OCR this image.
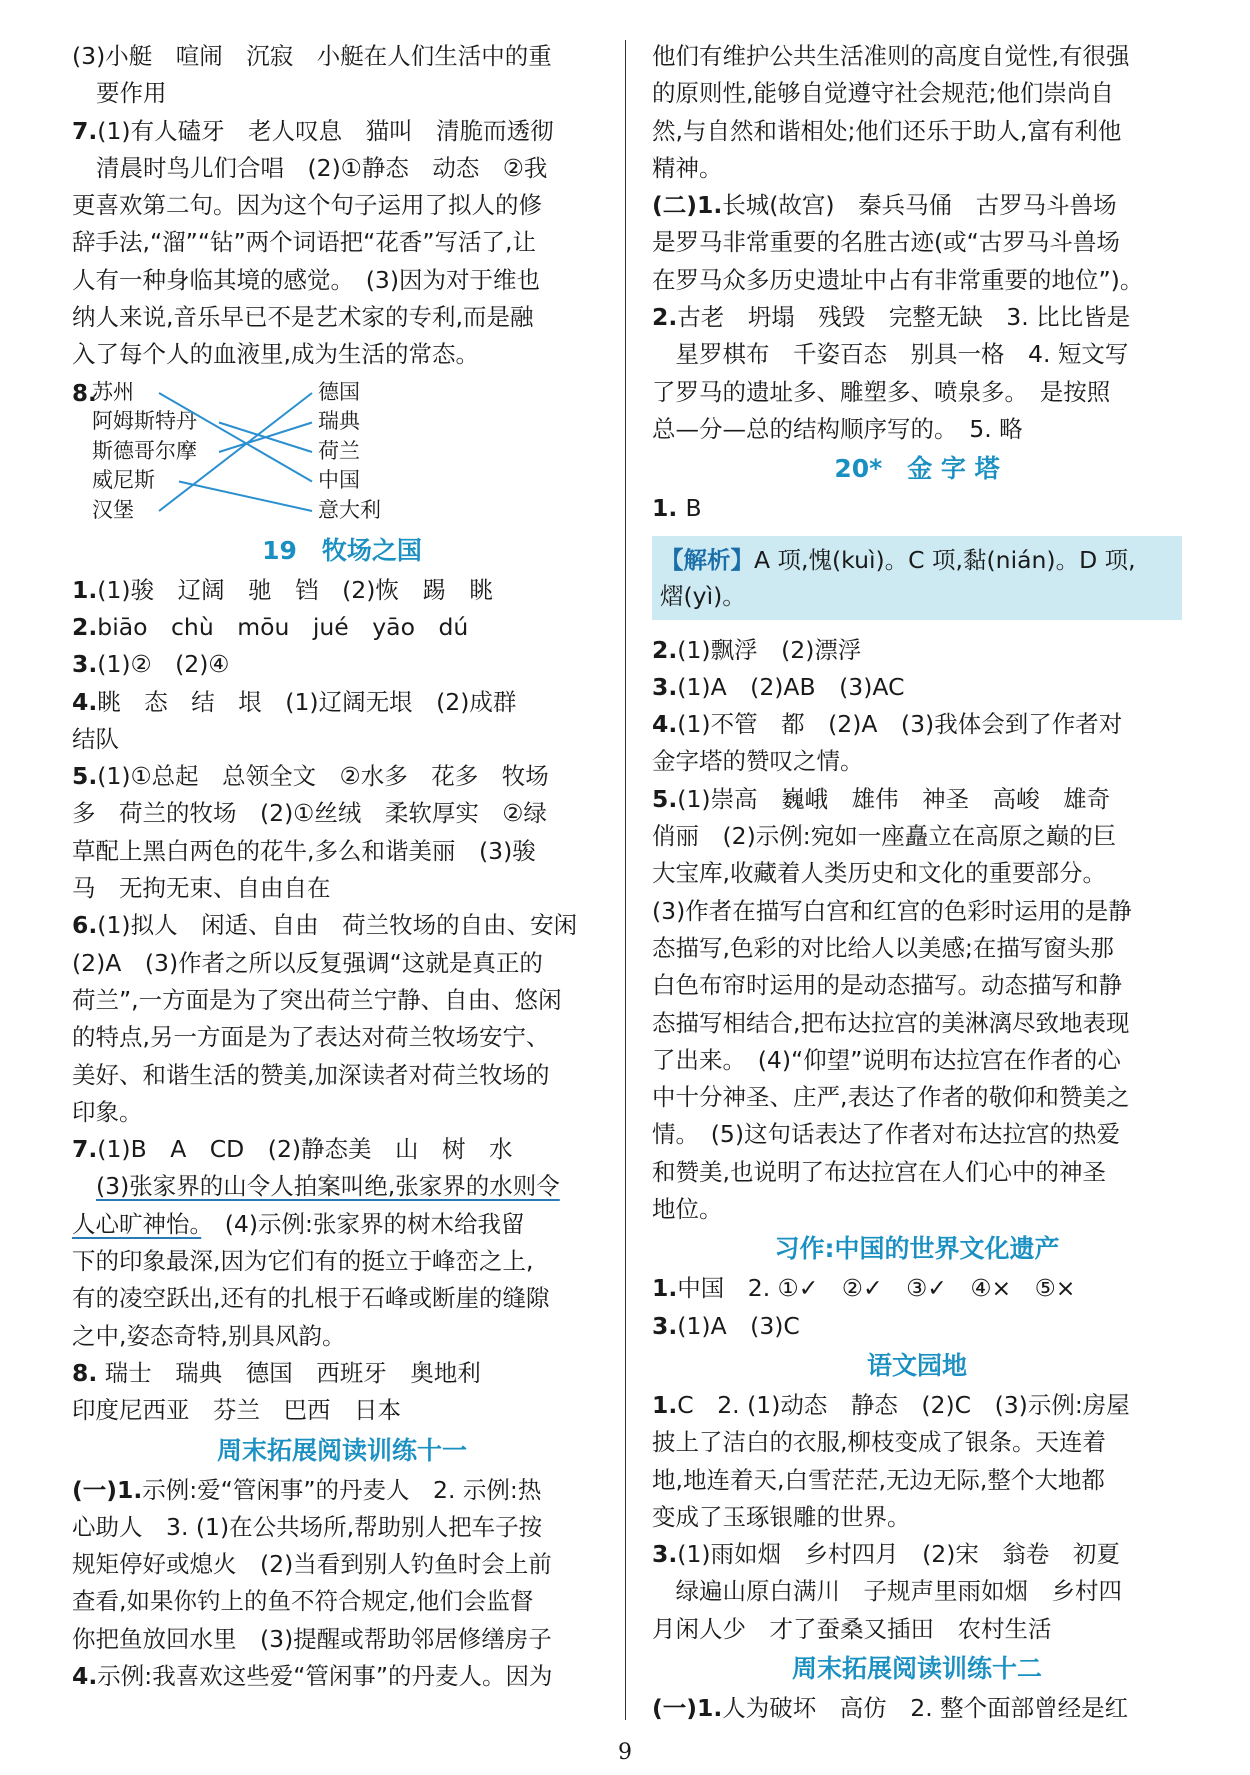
(3)小艇　喧闹　沉寂　小艇在人们生活中的重
要作用
7.(1)有人磕牙　老人叹息　猫叫　清脆而透彻
清晨时鸟儿们合唱　(2)①静态　动态　②我
更喜欢第二句。因为这个句子运用了拟人的修
辞手法,“溜”“钻”两个词语把“花香”写活了,让
人有一种身临其境的感觉。　(3)因为对于维也
纳人来说,音乐早已不是艺术家的专利,而是融
入了每个人的血液里,成为生活的常态。
8.
苏州
阿姆斯特丹
斯德哥尔摩
威尼斯
汉堡
德国
瑞典
荷兰
中国
意大利
19　牧场之国
1.(1)骏　辽阔　驰　铛　(2)恢　踢　眺
2.biāo　chù　mōu　jué　yāo　dú
3.(1)②　(2)④
4.眺　态　结　垠　(1)辽阔无垠　(2)成群
结队
5.(1)①总起　总领全文　②水多　花多　牧场
多　荷兰的牧场　(2)①丝绒　柔软厚实　②绿
草配上黑白两色的花牛,多么和谐美丽　(3)骏
马　无拘无束、自由自在
6.(1)拟人　闲适、自由　荷兰牧场的自由、安闲
(2)A　(3)作者之所以反复强调“这就是真正的
荷兰”,一方面是为了突出荷兰宁静、自由、悠闲
的特点,另一方面是为了表达对荷兰牧场安宁、
美好、和谐生活的赞美,加深读者对荷兰牧场的
印象。
7.(1)B　A　CD　(2)静态美　山　树　水
(3)张家界的山令人拍案叫绝,张家界的水则令
人心旷神怡。　(4)示例:张家界的树木给我留
下的印象最深,因为它们有的挺立于峰峦之上,
有的凌空跃出,还有的扎根于石峰或断崖的缝隙
之中,姿态奇特,别具风韵。
8. 瑞士　瑞典　德国　西班牙　奥地利
印度尼西亚　芬兰　巴西　日本
周末拓展阅读训练十一
(一)1.示例:爱“管闲事”的丹麦人　2. 示例:热
心助人　3. (1)在公共场所,帮助别人把车子按
规矩停好或熄火　(2)当看到别人钓鱼时会上前
查看,如果你钓上的鱼不符合规定,他们会监督
你把鱼放回水里　(3)提醒或帮助邻居修缮房子
4.示例:我喜欢这些爱“管闲事”的丹麦人。因为
他们有维护公共生活准则的高度自觉性,有很强
的原则性,能够自觉遵守社会规范;他们崇尚自
然,与自然和谐相处;他们还乐于助人,富有利他
精神。
(二)1.长城(故宫)　秦兵马俑　古罗马斗兽场
是罗马非常重要的名胜古迹(或“古罗马斗兽场
在罗马众多历史遗址中占有非常重要的地位”)。
2.古老　坍塌　残毁　完整无缺　3. 比比皆是
　星罗棋布　千姿百态　别具一格　4. 短文写
了罗马的遗址多、雕塑多、喷泉多。　是按照
总—分—总的结构顺序写的。　5. 略
20*　金 字 塔
1. B
【解析】A 项,愧(kuì)。C 项,黏(nián)。D 项,
熠(yì)。
2.(1)飘浮　(2)漂浮
3.(1)A　(2)AB　(3)AC
4.(1)不管　都　(2)A　(3)我体会到了作者对
金字塔的赞叹之情。
5.(1)崇高　巍峨　雄伟　神圣　高峻　雄奇
俏丽　(2)示例:宛如一座矗立在高原之巅的巨
大宝库,收藏着人类历史和文化的重要部分。
(3)作者在描写白宫和红宫的色彩时运用的是静
态描写,色彩的对比给人以美感;在描写窗头那
白色布帘时运用的是动态描写。动态描写和静
态描写相结合,把布达拉宫的美淋漓尽致地表现
了出来。　(4)“仰望”说明布达拉宫在作者的心
中十分神圣、庄严,表达了作者的敬仰和赞美之
情。　(5)这句话表达了作者对布达拉宫的热爱
和赞美,也说明了布达拉宫在人们心中的神圣
地位。
习作:中国的世界文化遗产
1.中国　2. ①✓　②✓　③✓　④×　⑤×
3.(1)A　(3)C
语文园地
1.C　2. (1)动态　静态　(2)C　(3)示例:房屋
披上了洁白的衣服,柳枝变成了银条。天连着
地,地连着天,白雪茫茫,无边无际,整个大地都
变成了玉琢银雕的世界。
3.(1)雨如烟　乡村四月　(2)宋　翁卷　初夏
　绿遍山原白满川　子规声里雨如烟　乡村四
月闲人少　才了蚕桑又插田　农村生活
周末拓展阅读训练十二
(一)1.人为破坏　高仿　2. 整个面部曾经是红
9
